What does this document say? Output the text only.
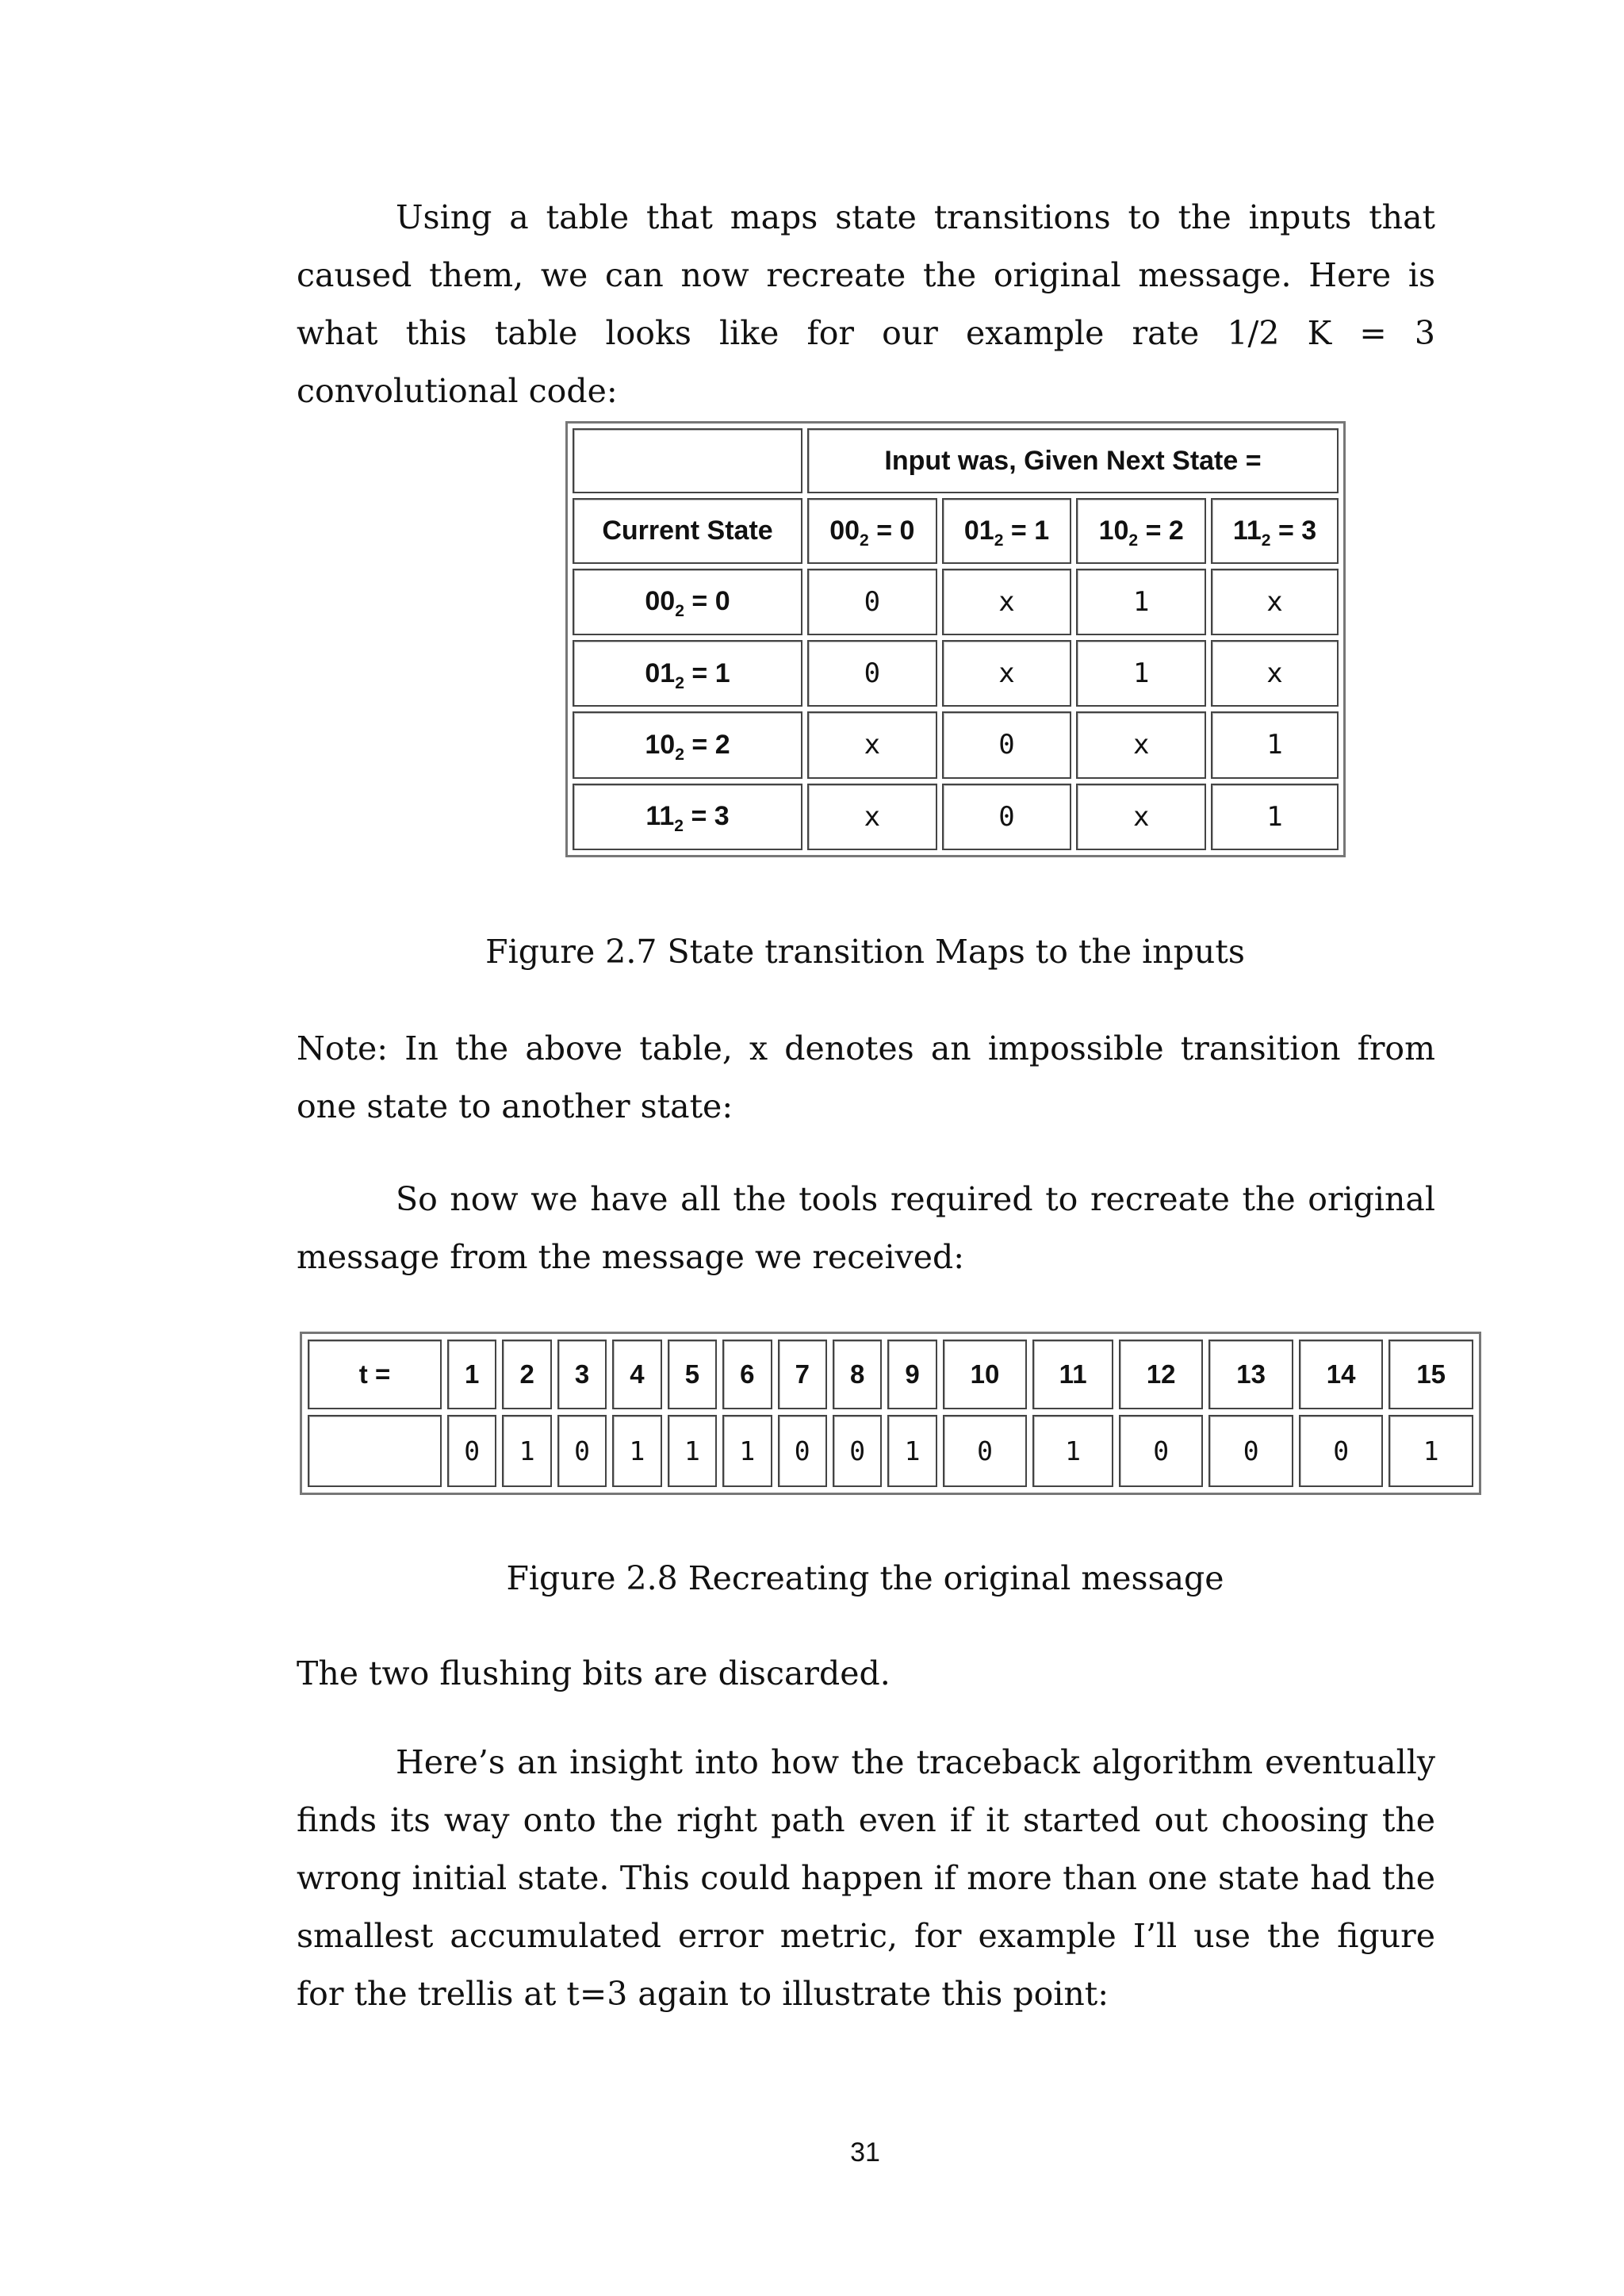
Using a table that maps state transitions to the inputs that caused them, we can now recreate the original message. Here is what this table looks like for our example rate 1/2 K = 3 convolutional code:

	Input was, Given Next State =			
Current State	$00_2 = 0$	$01_2 = 1$	$10_2 = 2$	$11_2 = 3$
$00_2 = 0$	0	x	1	x
$01_2 = 1$	0	x	1	x
$10_2 = 2$	x	0	x	1
$11_2 = 3$	x	0	x	1

Figure 2.7 State transition Maps to the inputs

Note: In the above table, x denotes an impossible transition from one state to another state:

So now we have all the tools required to recreate the original message from the message we received:

t =	1	2	3	4	5	6	7	8	9	10	11	12	13	14	15
	0	1	0	1	1	1	0	0	1	0	1	0	0	0	1

Figure 2.8 Recreating the original message

The two flushing bits are discarded.

Here’s an insight into how the traceback algorithm eventually finds its way onto the right path even if it started out choosing the wrong initial state. This could happen if more than one state had the smallest accumulated error metric, for example I’ll use the figure for the trellis at t=3 again to illustrate this point:

31
